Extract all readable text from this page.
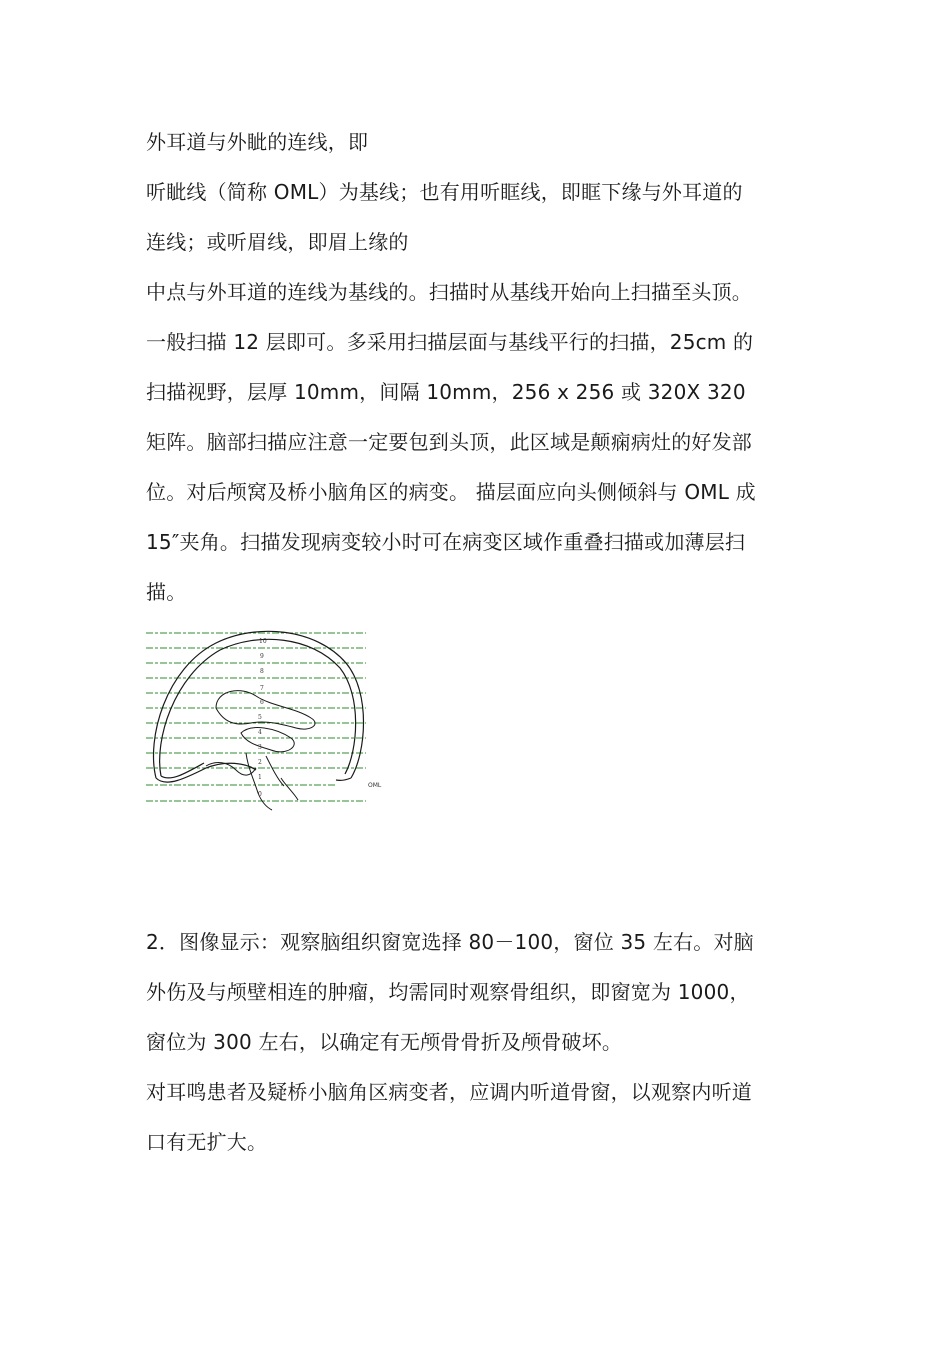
外耳道与外眦的连线，即
听眦线（简称 OML）为基线；也有用听眶线，即眶下缘与外耳道的
连线；或听眉线，即眉上缘的
中点与外耳道的连线为基线的。扫描时从基线开始向上扫描至头顶。
一般扫描 12 层即可。多采用扫描层面与基线平行的扫描，25cm 的
扫描视野，层厚 10mm，间隔 10mm，256 x 256 或 320X 320
矩阵。脑部扫描应注意一定要包到头顶，此区域是颠痫病灶的好发部
位。对后颅窝及桥小脑角区的病变。 描层面应向头侧倾斜与 OML 成
15″夹角。扫描发现病变较小时可在病变区域作重叠扫描或加薄层扫
描。
10
9
8
7
6
5
4
3
2
1
0
OML
2．图像显示：观察脑组织窗宽选择 80－100，窗位 35 左右。对脑
外伤及与颅壁相连的肿瘤，均需同时观察骨组织，即窗宽为 1000，
窗位为 300 左右，以确定有无颅骨骨折及颅骨破坏。
对耳鸣患者及疑桥小脑角区病变者，应调内听道骨窗，以观察内听道
口有无扩大。
